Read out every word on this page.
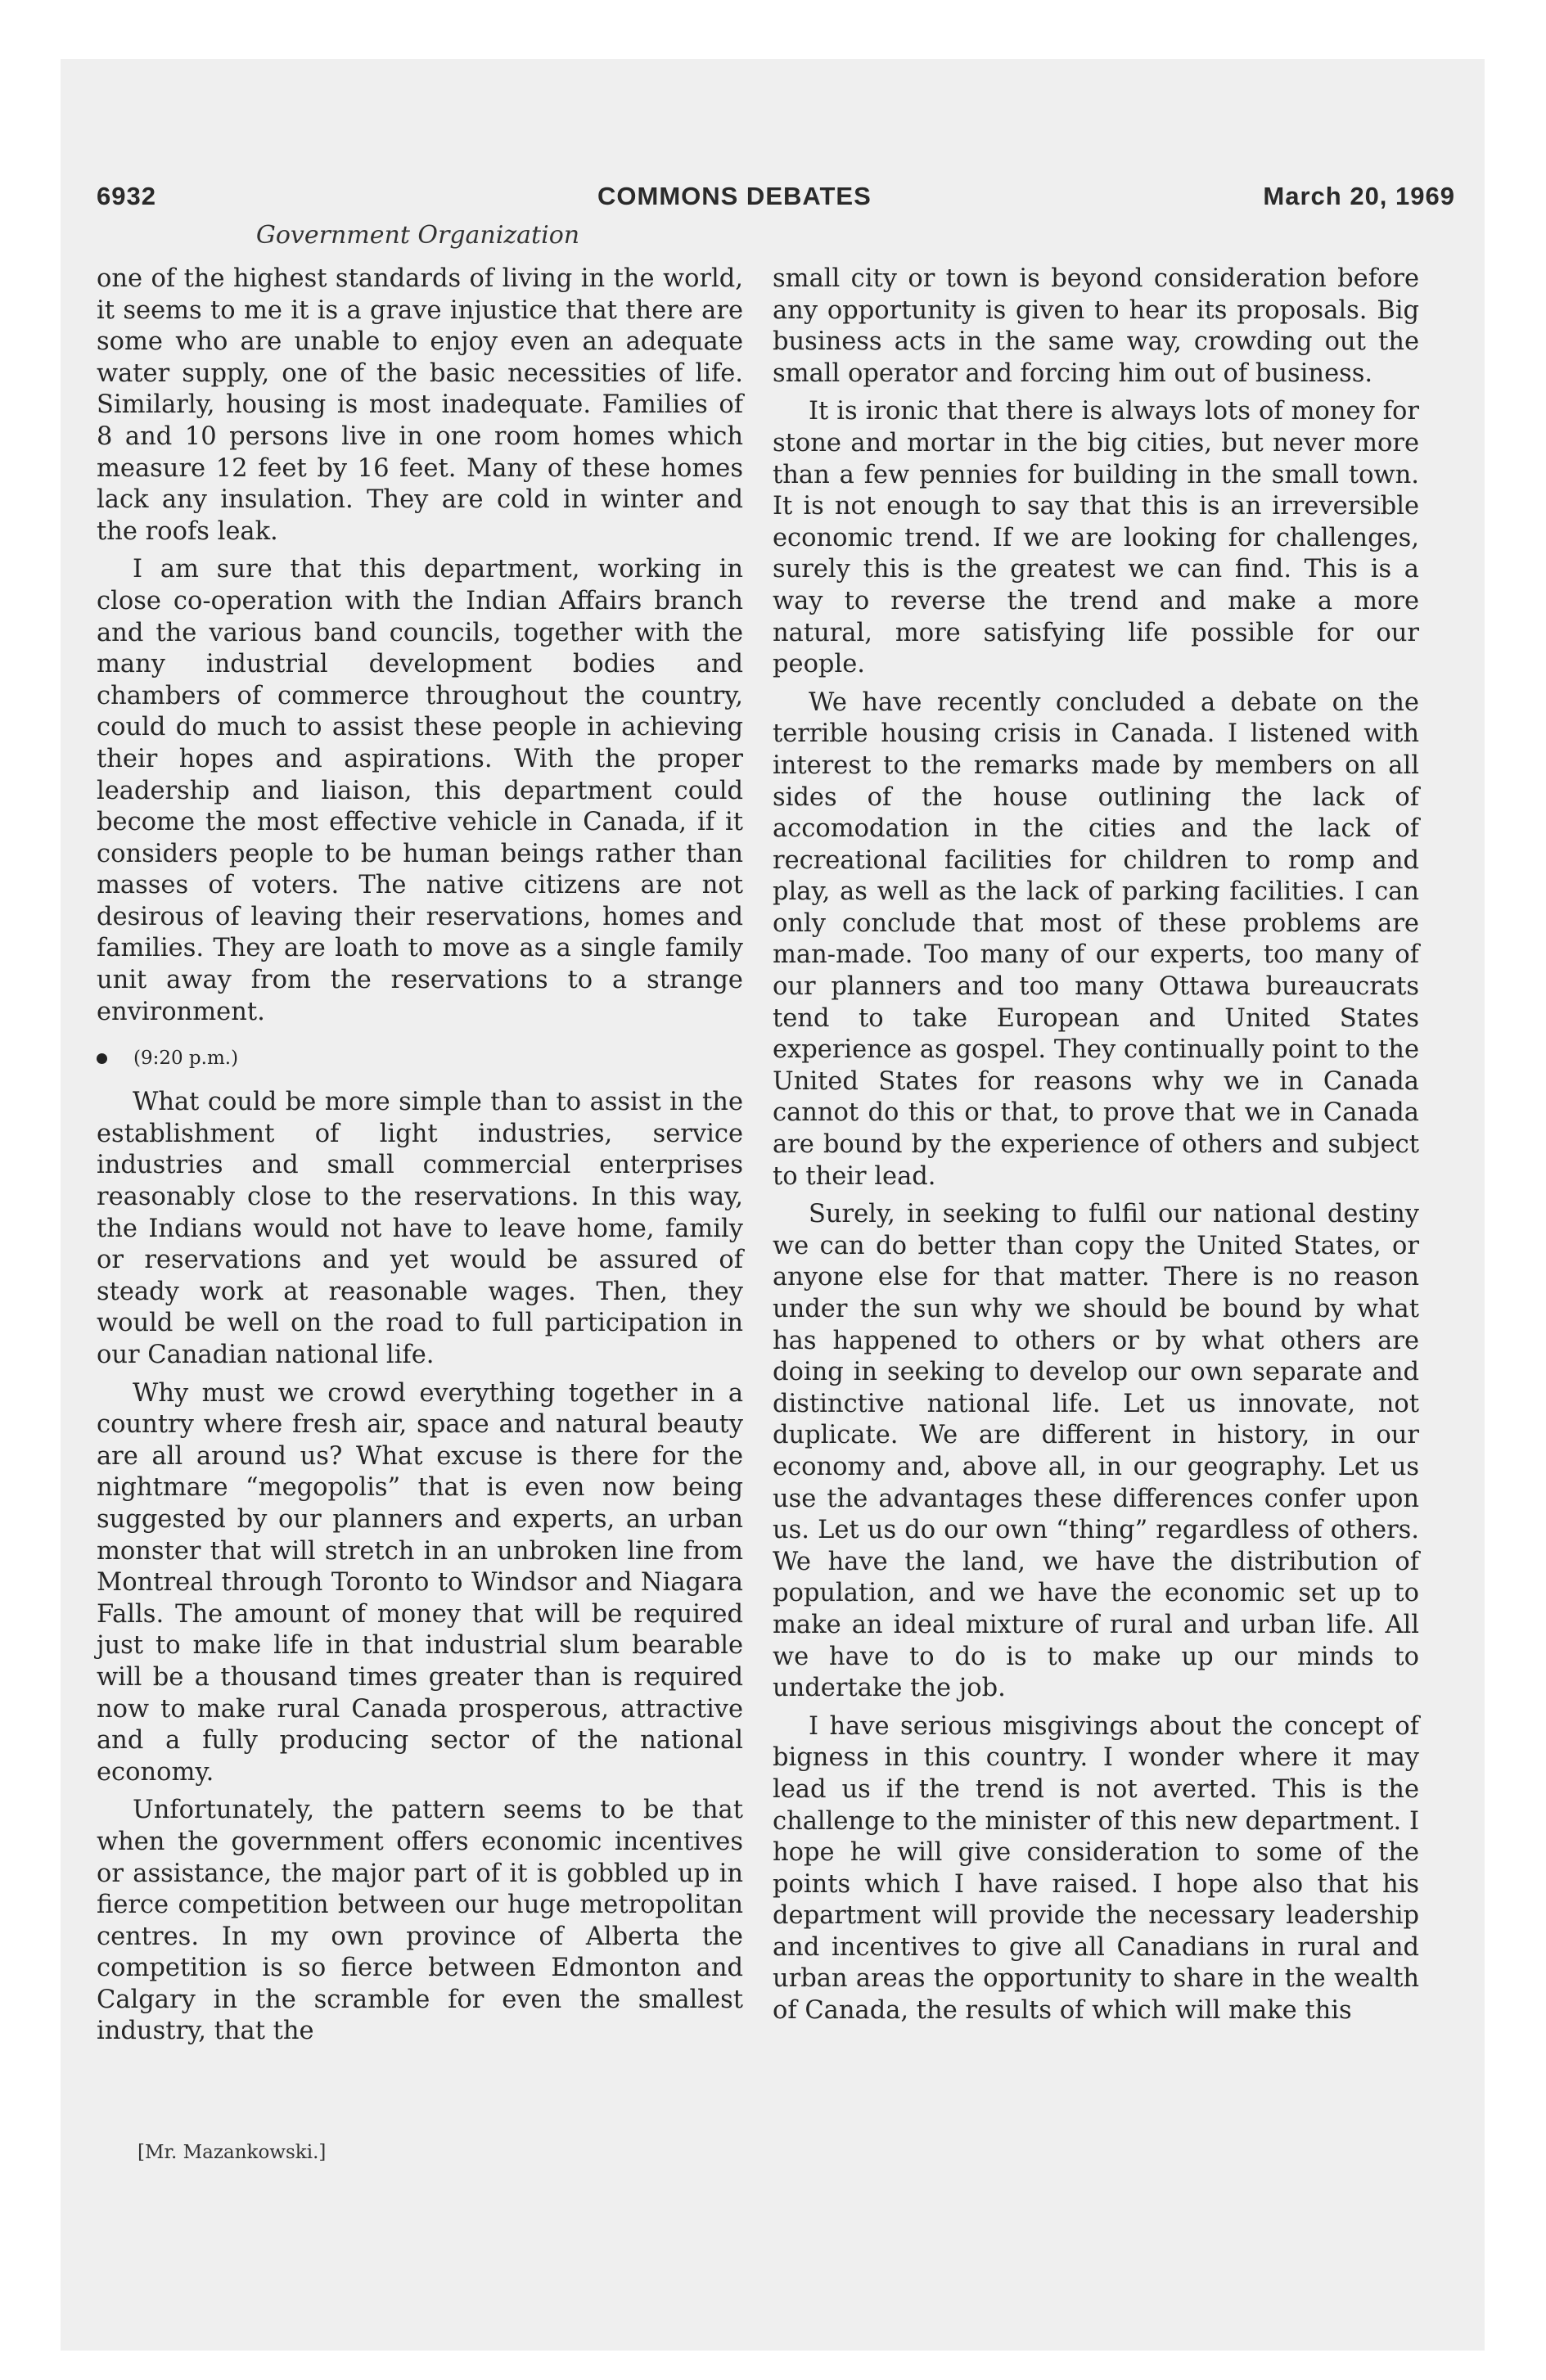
6932	COMMONS DEBATES	March 20, 1969
Government Organization

one of the highest standards of living in the world, it seems to me it is a grave injustice that there are some who are unable to enjoy even an adequate water supply, one of the basic necessities of life. Similarly, housing is most inadequate. Families of 8 and 10 persons live in one room homes which measure 12 feet by 16 feet. Many of these homes lack any insulation. They are cold in winter and the roofs leak.

I am sure that this department, working in close co-operation with the Indian Affairs branch and the various band councils, together with the many industrial development bodies and chambers of commerce throughout the country, could do much to assist these people in achieving their hopes and aspirations. With the proper leadership and liaison, this department could become the most effective vehicle in Canada, if it considers people to be human beings rather than masses of voters. The native citizens are not desirous of leaving their reservations, homes and families. They are loath to move as a single family unit away from the reservations to a strange environment.

(9:20 p.m.)

What could be more simple than to assist in the establishment of light industries, service industries and small commercial enterprises reasonably close to the reservations. In this way, the Indians would not have to leave home, family or reservations and yet would be assured of steady work at reasonable wages. Then, they would be well on the road to full participation in our Canadian national life.

Why must we crowd everything together in a country where fresh air, space and natural beauty are all around us? What excuse is there for the nightmare “megopolis” that is even now being suggested by our planners and experts, an urban monster that will stretch in an unbroken line from Montreal through Toronto to Windsor and Niagara Falls. The amount of money that will be required just to make life in that industrial slum bearable will be a thousand times greater than is required now to make rural Canada prosperous, attractive and a fully producing sector of the national economy.

Unfortunately, the pattern seems to be that when the government offers economic incentives or assistance, the major part of it is gobbled up in fierce competition between our huge metropolitan centres. In my own province of Alberta the competition is so fierce between Edmonton and Calgary in the scramble for even the smallest industry, that the

small city or town is beyond consideration before any opportunity is given to hear its proposals. Big business acts in the same way, crowding out the small operator and forcing him out of business.

It is ironic that there is always lots of money for stone and mortar in the big cities, but never more than a few pennies for building in the small town. It is not enough to say that this is an irreversible economic trend. If we are looking for challenges, surely this is the greatest we can find. This is a way to reverse the trend and make a more natural, more satisfying life possible for our people.

We have recently concluded a debate on the terrible housing crisis in Canada. I listened with interest to the remarks made by members on all sides of the house outlining the lack of accomodation in the cities and the lack of recreational facilities for children to romp and play, as well as the lack of parking facilities. I can only conclude that most of these problems are man-made. Too many of our experts, too many of our planners and too many Ottawa bureaucrats tend to take European and United States experience as gospel. They continually point to the United States for reasons why we in Canada cannot do this or that, to prove that we in Canada are bound by the experience of others and subject to their lead.

Surely, in seeking to fulfil our national destiny we can do better than copy the United States, or anyone else for that matter. There is no reason under the sun why we should be bound by what has happened to others or by what others are doing in seeking to develop our own separate and distinctive national life. Let us innovate, not duplicate. We are different in history, in our economy and, above all, in our geography. Let us use the advantages these differences confer upon us. Let us do our own “thing” regardless of others. We have the land, we have the distribution of population, and we have the economic set up to make an ideal mixture of rural and urban life. All we have to do is to make up our minds to undertake the job.

I have serious misgivings about the concept of bigness in this country. I wonder where it may lead us if the trend is not averted. This is the challenge to the minister of this new department. I hope he will give consideration to some of the points which I have raised. I hope also that his department will provide the necessary leadership and incentives to give all Canadians in rural and urban areas the opportunity to share in the wealth of Canada, the results of which will make this

[Mr. Mazankowski.]
